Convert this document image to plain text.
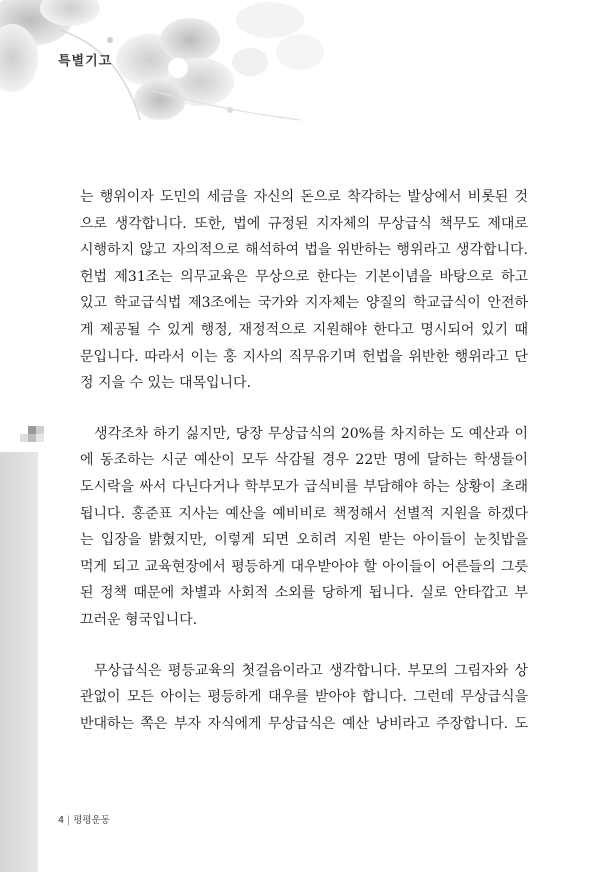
특별기고
는 행위이자 도민의 세금을 자신의 돈으로 착각하는 발상에서 비롯된 것
으로 생각합니다. 또한, 법에 규정된 지자체의 무상급식 책무도 제대로
시행하지 않고 자의적으로 해석하여 법을 위반하는 행위라고 생각합니다.
헌법 제31조는 의무교육은 무상으로 한다는 기본이념을 바탕으로 하고
있고 학교급식법 제3조에는 국가와 지자체는 양질의 학교급식이 안전하
게 제공될 수 있게 행정, 재정적으로 지원해야 한다고 명시되어 있기 때
문입니다. 따라서 이는 홍 지사의 직무유기며 헌법을 위반한 행위라고 단
정 지을 수 있는 대목입니다.
생각조차 하기 싫지만, 당장 무상급식의 20%를 차지하는 도 예산과 이
에 동조하는 시군 예산이 모두 삭감될 경우 22만 명에 달하는 학생들이
도시락을 싸서 다닌다거나 학부모가 급식비를 부담해야 하는 상황이 초래
됩니다. 홍준표 지사는 예산을 예비비로 책정해서 선별적 지원을 하겠다
는 입장을 밝혔지만, 이렇게 되면 오히려 지원 받는 아이들이 눈칫밥을
먹게 되고 교육현장에서 평등하게 대우받아야 할 아이들이 어른들의 그릇
된 정책 때문에 차별과 사회적 소외를 당하게 됩니다. 실로 안타깝고 부
끄러운 형국입니다.
무상급식은 평등교육의 첫걸음이라고 생각합니다. 부모의 그림자와 상
관없이 모든 아이는 평등하게 대우를 받아야 합니다. 그런데 무상급식을
반대하는 쪽은 부자 자식에게 무상급식은 예산 낭비라고 주장합니다. 도
4 | 평평운동
